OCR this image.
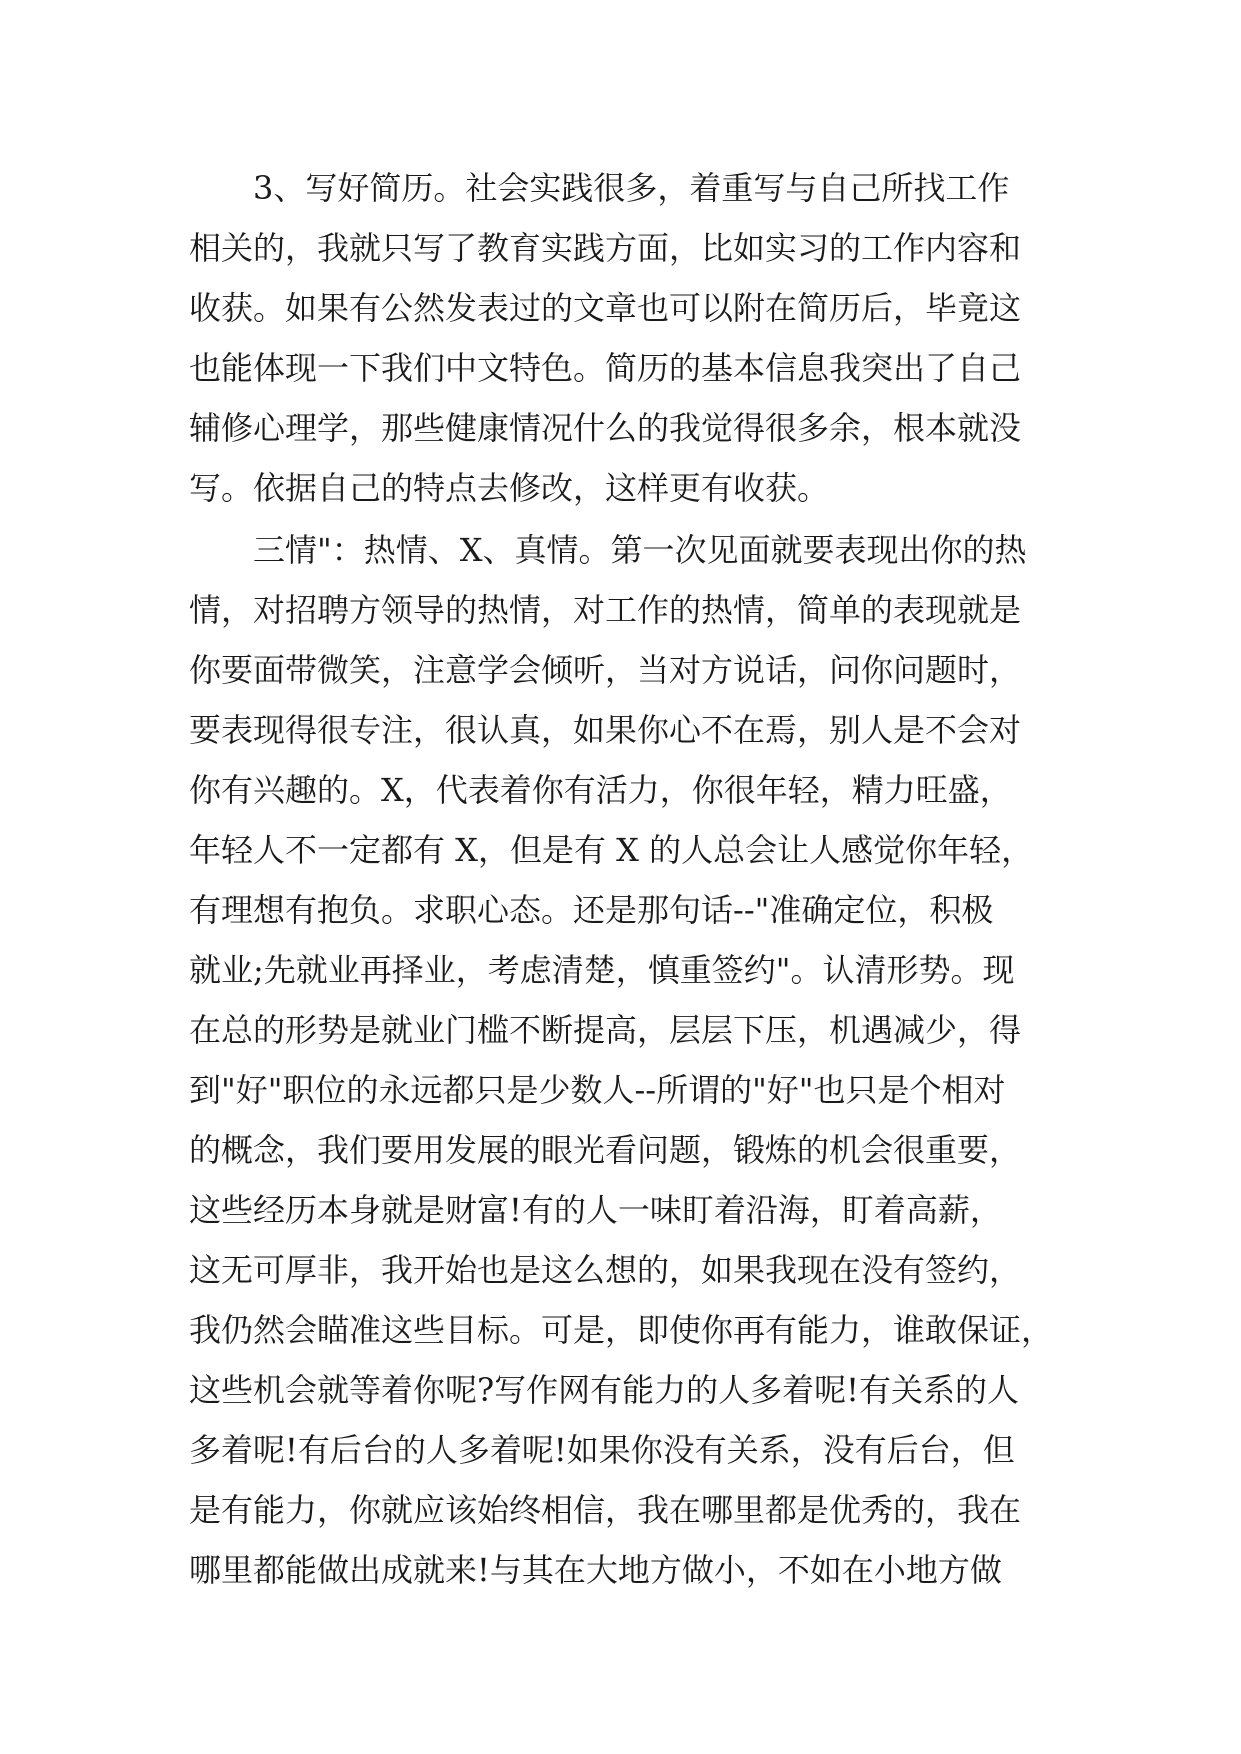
3、写好简历。社会实践很多，着重写与自己所找工作
相关的，我就只写了教育实践方面，比如实习的工作内容和
收获。如果有公然发表过的文章也可以附在简历后，毕竟这
也能体现一下我们中文特色。简历的基本信息我突出了自己
辅修心理学，那些健康情况什么的我觉得很多余，根本就没
写。依据自己的特点去修改，这样更有收获。
三情"：热情、X、真情。第一次见面就要表现出你的热
情，对招聘方领导的热情，对工作的热情，简单的表现就是
你要面带微笑，注意学会倾听，当对方说话，问你问题时，
要表现得很专注，很认真，如果你心不在焉，别人是不会对
你有兴趣的。X，代表着你有活力，你很年轻，精力旺盛，
年轻人不一定都有 X，但是有 X 的人总会让人感觉你年轻，
有理想有抱负。求职心态。还是那句话--"准确定位，积极
就业;先就业再择业，考虑清楚，慎重签约"。认清形势。现
在总的形势是就业门槛不断提高，层层下压，机遇减少，得
到"好"职位的永远都只是少数人--所谓的"好"也只是个相对
的概念，我们要用发展的眼光看问题，锻炼的机会很重要，
这些经历本身就是财富!有的人一味盯着沿海，盯着高薪，
这无可厚非，我开始也是这么想的，如果我现在没有签约，
我仍然会瞄准这些目标。可是，即使你再有能力，谁敢保证，
这些机会就等着你呢?写作网有能力的人多着呢!有关系的人
多着呢!有后台的人多着呢!如果你没有关系，没有后台，但
是有能力，你就应该始终相信，我在哪里都是优秀的，我在
哪里都能做出成就来!与其在大地方做小，不如在小地方做
